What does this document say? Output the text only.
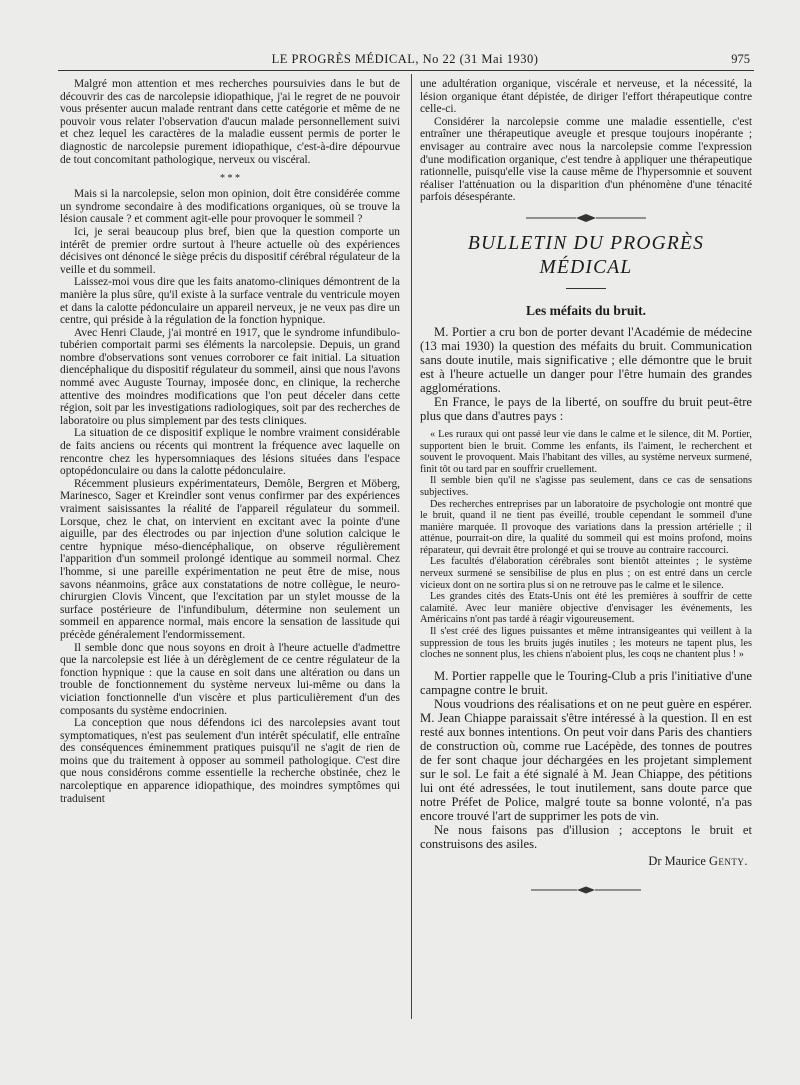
LE PROGRÈS MÉDICAL, No 22 (31 Mai 1930)	975

Malgré mon attention et mes recherches poursuivies dans le but de découvrir des cas de narcolepsie idiopathique, j'ai le regret de ne pouvoir vous présenter aucun malade rentrant dans cette catégorie et même de ne pouvoir vous relater l'observation d'aucun malade personnellement suivi et chez lequel les caractères de la maladie eussent permis de porter le diagnostic de narcolepsie purement idiopathique, c'est-à-dire dépourvue de tout concomitant pathologique, nerveux ou viscéral.

* * *

Mais si la narcolepsie, selon mon opinion, doit être considérée comme un syndrome secondaire à des modifications organiques, où se trouve la lésion causale ? et comment agit-elle pour provoquer le sommeil ?

Ici, je serai beaucoup plus bref, bien que la question comporte un intérêt de premier ordre surtout à l'heure actuelle où des expériences décisives ont dénoncé le siège précis du dispositif cérébral régulateur de la veille et du sommeil.

Laissez-moi vous dire que les faits anatomo-cliniques démontrent de la manière la plus sûre, qu'il existe à la surface ventrale du ventricule moyen et dans la calotte pédonculaire un appareil nerveux, je ne veux pas dire un centre, qui préside à la régulation de la fonction hypnique.

Avec Henri Claude, j'ai montré en 1917, que le syndrome infundibulo-tubérien comportait parmi ses éléments la narcolepsie. Depuis, un grand nombre d'observations sont venues corroborer ce fait initial. La situation diencéphalique du dispositif régulateur du sommeil, ainsi que nous l'avons nommé avec Auguste Tournay, imposée donc, en clinique, la recherche attentive des moindres modifications que l'on peut déceler dans cette région, soit par les investigations radiologiques, soit par des recherches de laboratoire ou plus simplement par des tests cliniques.

La situation de ce dispositif explique le nombre vraiment considérable de faits anciens ou récents qui montrent la fréquence avec laquelle on rencontre chez les hypersomniaques des lésions situées dans l'espace optopédonculaire ou dans la calotte pédonculaire.

Récemment plusieurs expérimentateurs, Demôle, Bergren et Möberg, Marinesco, Sager et Kreindler sont venus confirmer par des expériences vraiment saisissantes la réalité de l'appareil régulateur du sommeil. Lorsque, chez le chat, on intervient en excitant avec la pointe d'une aiguille, par des électrodes ou par injection d'une solution calcique le centre hypnique méso-diencéphalique, on observe régulièrement l'apparition d'un sommeil prolongé identique au sommeil normal. Chez l'homme, si une pareille expérimentation ne peut être de mise, nous savons néanmoins, grâce aux constatations de notre collègue, le neuro-chirurgien Clovis Vincent, que l'excitation par un stylet mousse de la surface postérieure de l'infundibulum, détermine non seulement un sommeil en apparence normal, mais encore la sensation de lassitude qui précède généralement l'endormissement.

Il semble donc que nous soyons en droit à l'heure actuelle d'admettre que la narcolepsie est liée à un dérèglement de ce centre régulateur de la fonction hypnique : que la cause en soit dans une altération ou dans un trouble de fonctionnement du système nerveux lui-même ou dans la viciation fonctionnelle d'un viscère et plus particulièrement d'un des composants du système endocrinien.

La conception que nous défendons ici des narcolepsies avant tout symptomatiques, n'est pas seulement d'un intérêt spéculatif, elle entraîne des conséquences éminemment pratiques puisqu'il ne s'agit de rien de moins que du traitement à opposer au sommeil pathologique. C'est dire que nous considérons comme essentielle la recherche obstinée, chez le narcoleptique en apparence idiopathique, des moindres symptômes qui traduisent

une adultération organique, viscérale et nerveuse, et la nécessité, la lésion organique étant dépistée, de diriger l'effort thérapeutique contre celle-ci.

Considérer la narcolepsie comme une maladie essentielle, c'est entraîner une thérapeutique aveugle et presque toujours inopérante ; envisager au contraire avec nous la narcolepsie comme l'expression d'une modification organique, c'est tendre à appliquer une thérapeutique rationnelle, puisqu'elle vise la cause même de l'hypersomnie et souvent réaliser l'atténuation ou la disparition d'un phénomène d'une ténacité parfois désespérante.

BULLETIN DU PROGRÈS MÉDICAL
Les méfaits du bruit.

M. Portier a cru bon de porter devant l'Académie de médecine (13 mai 1930) la question des méfaits du bruit. Communication sans doute inutile, mais significative ; elle démontre que le bruit est à l'heure actuelle un danger pour l'être humain des grandes agglomérations.

En France, le pays de la liberté, on souffre du bruit peut-être plus que dans d'autres pays :

« Les ruraux qui ont passé leur vie dans le calme et le silence, dit M. Portier, supportent bien le bruit. Comme les enfants, ils l'aiment, le recherchent et souvent le provoquent. Mais l'habitant des villes, au système nerveux surmené, finit tôt ou tard par en souffrir cruellement.

Il semble bien qu'il ne s'agisse pas seulement, dans ce cas de sensations subjectives.

Des recherches entreprises par un laboratoire de psychologie ont montré que le bruit, quand il ne tient pas éveillé, trouble cependant le sommeil d'une manière marquée. Il provoque des variations dans la pression artérielle ; il atténue, pourrait-on dire, la qualité du sommeil qui est moins profond, moins réparateur, qui devrait être prolongé et qui se trouve au contraire raccourci.

Les facultés d'élaboration cérébrales sont bientôt atteintes ; le système nerveux surmené se sensibilise de plus en plus ; on est entré dans un cercle vicieux dont on ne sortira plus si on ne retrouve pas le calme et le silence.

Les grandes cités des Etats-Unis ont été les premières à souffrir de cette calamité. Avec leur manière objective d'envisager les événements, les Américains n'ont pas tardé à réagir vigoureusement.

Il s'est créé des ligues puissantes et même intransigeantes qui veillent à la suppression de tous les bruits jugés inutiles ; les moteurs ne tapent plus, les cloches ne sonnent plus, les chiens n'aboient plus, les coqs ne chantent plus ! »

M. Portier rappelle que le Touring-Club a pris l'initiative d'une campagne contre le bruit.

Nous voudrions des réalisations et on ne peut guère en espérer. M. Jean Chiappe paraissait s'être intéressé à la question. Il en est resté aux bonnes intentions. On peut voir dans Paris des chantiers de construction où, comme rue Lacépède, des tonnes de poutres de fer sont chaque jour déchargées en les projetant simplement sur le sol. Le fait a été signalé à M. Jean Chiappe, des pétitions lui ont été adressées, le tout inutilement, sans doute parce que notre Préfet de Police, malgré toute sa bonne volonté, n'a pas encore trouvé l'art de supprimer les pots de vin.

Ne nous faisons pas d'illusion ; acceptons le bruit et construisons des asiles.

Dr Maurice Genty.
